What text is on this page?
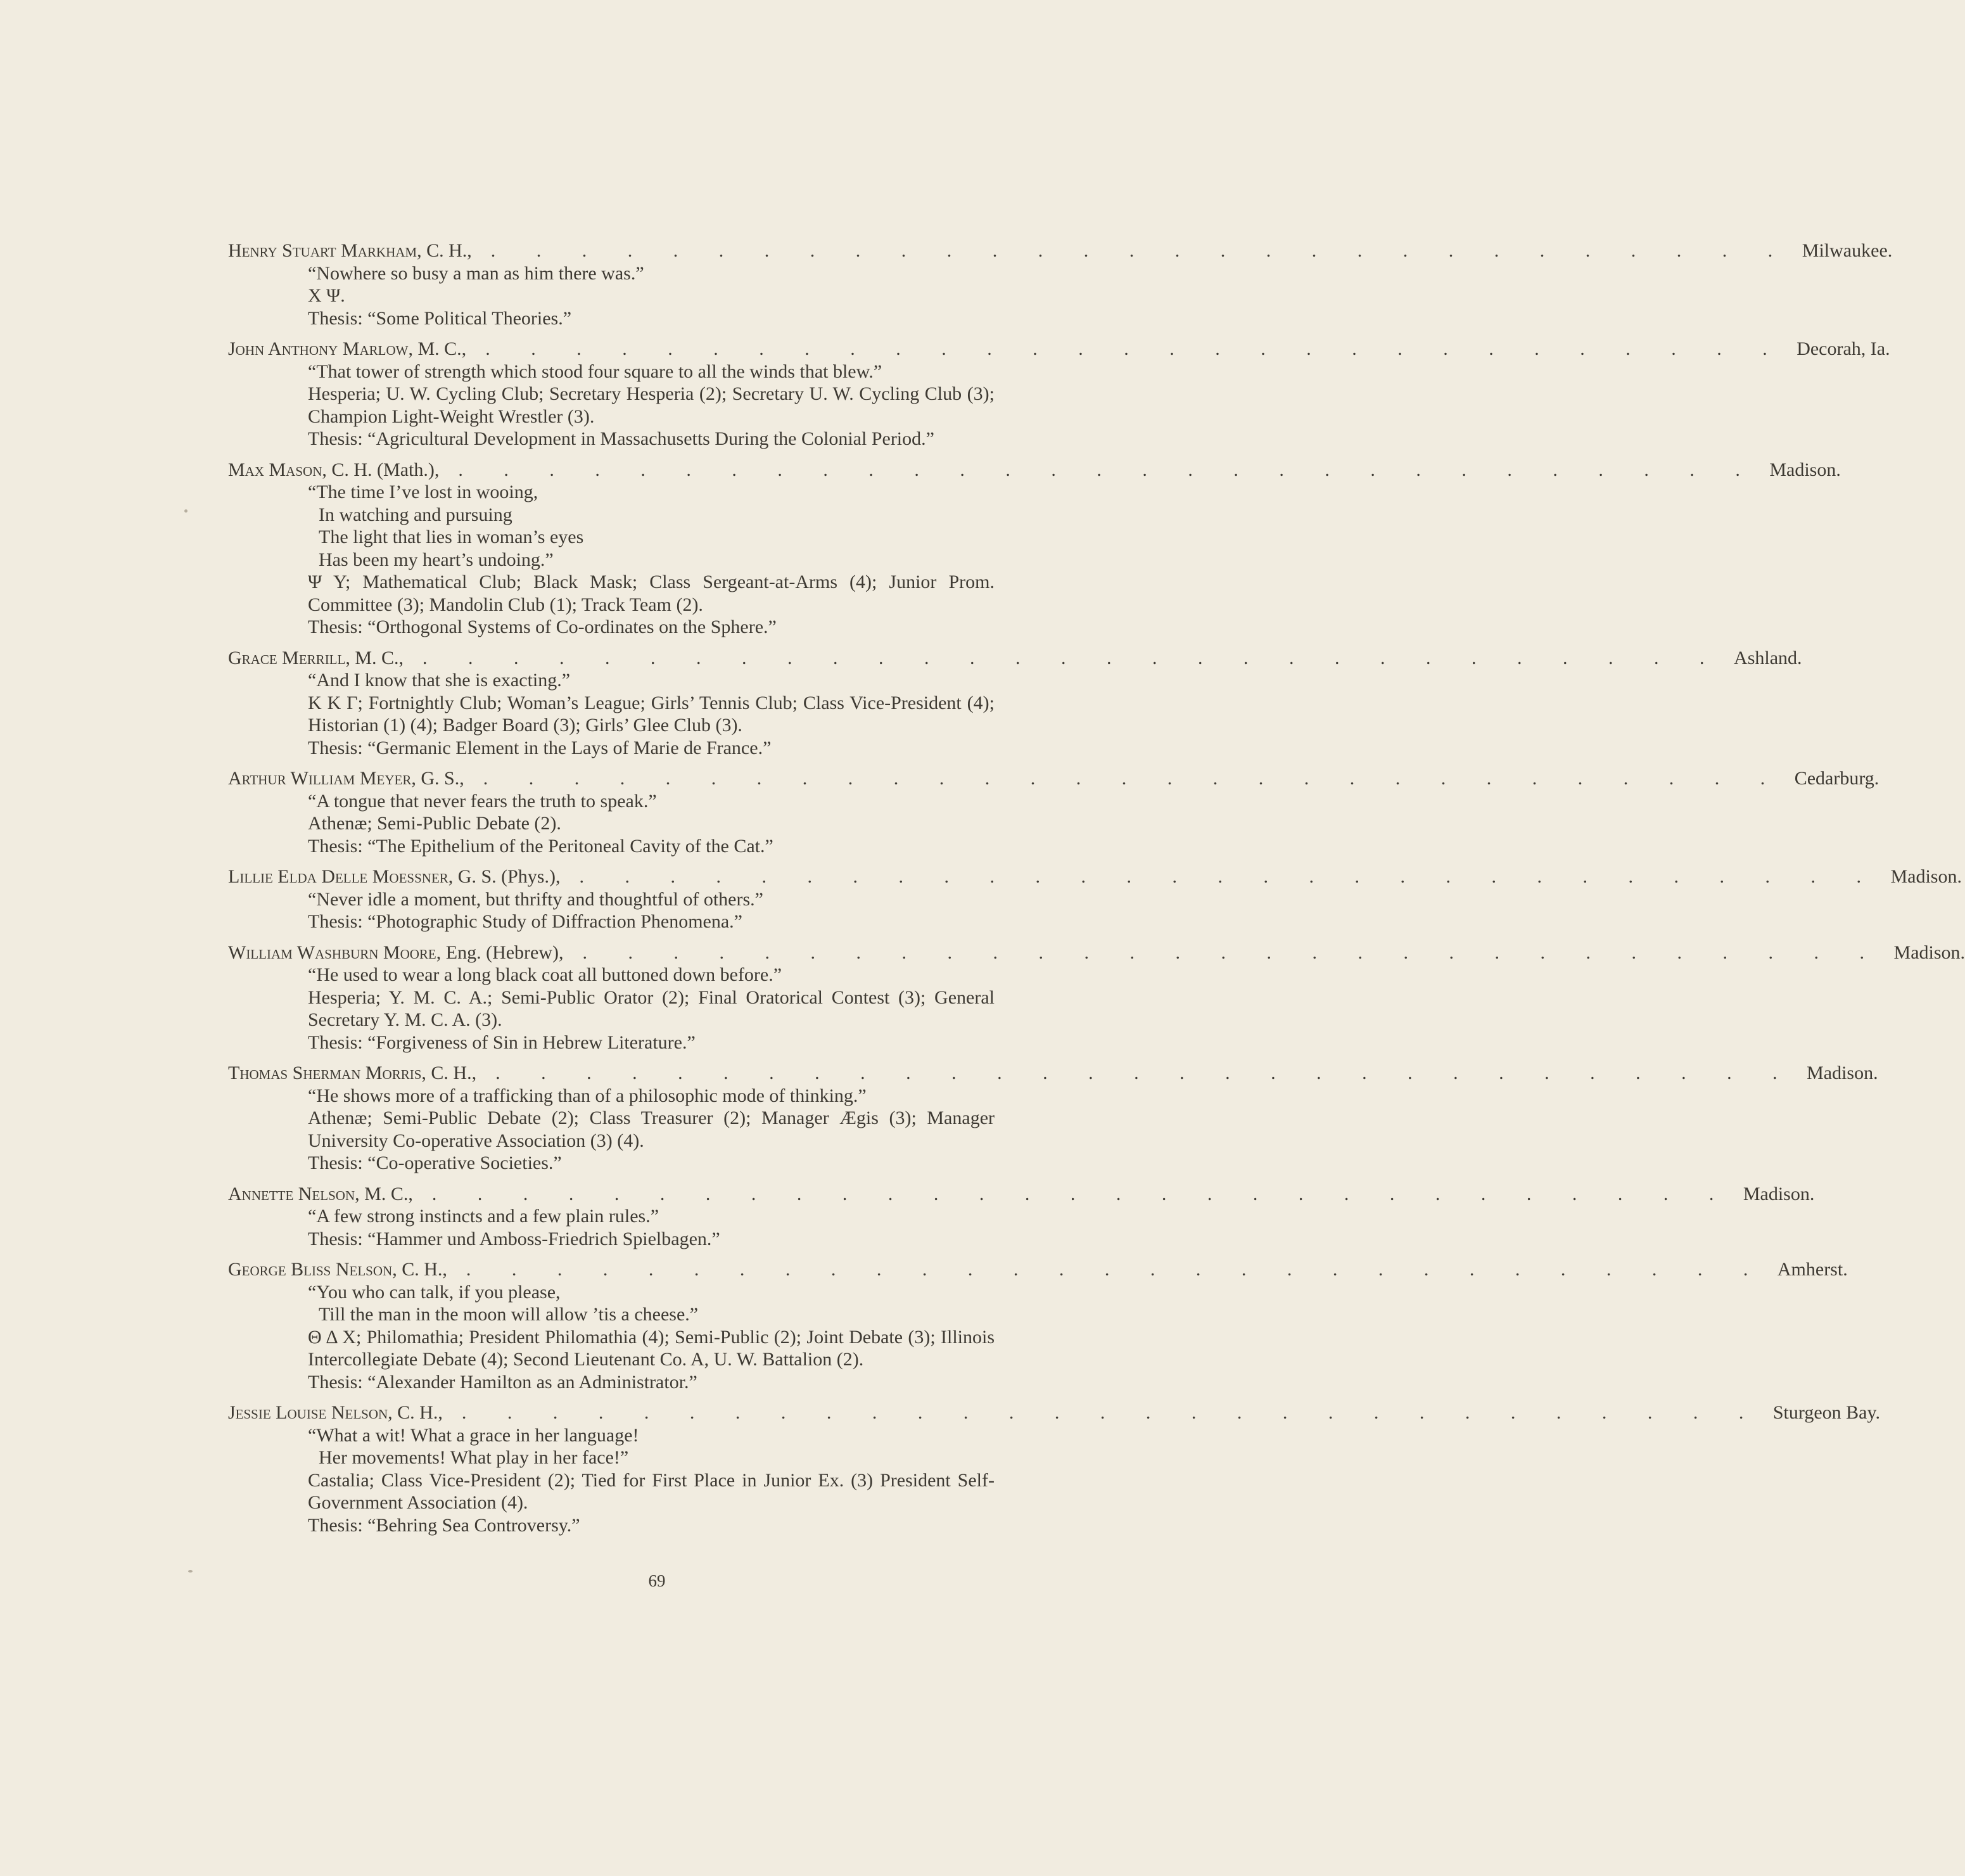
Henry Stuart Markham , C. H., . . . . . . . . . . . . . . . . . . . . . . . . . . . . . Milwaukee.
“Nowhere so busy a man as him there was.”
X Ψ.
Thesis: “Some Political Theories.”
John Anthony Marlow , M. C., . . . . . . . . . . . . . . . . . . . . . . . . . . . . . Decorah, Ia.
“That tower of strength which stood four square to all the winds that blew.”
Hesperia; U. W. Cycling Club; Secretary Hesperia (2); Secretary U. W. Cycling Club (3); Champion Light-Weight Wrestler (3).
Thesis: “Agricultural Development in Massachusetts During the Colonial Period.”
Max Mason , C. H. (Math.), . . . . . . . . . . . . . . . . . . . . . . . . . . . . . Madison.
“The time I’ve lost in wooing,
In watching and pursuing
The light that lies in woman’s eyes
Has been my heart’s undoing.”
Ψ Υ; Mathematical Club; Black Mask; Class Sergeant-at-Arms (4); Junior Prom. Committee (3); Mandolin Club (1); Track Team (2).
Thesis: “Orthogonal Systems of Co-ordinates on the Sphere.”
Grace Merrill , M. C., . . . . . . . . . . . . . . . . . . . . . . . . . . . . . Ashland.
“And I know that she is exacting.”
K K Γ; Fortnightly Club; Woman’s League; Girls’ Tennis Club; Class Vice-President (4); Historian (1) (4); Badger Board (3); Girls’ Glee Club (3).
Thesis: “Germanic Element in the Lays of Marie de France.”
Arthur William Meyer , G. S., . . . . . . . . . . . . . . . . . . . . . . . . . . . . . Cedarburg.
“A tongue that never fears the truth to speak.”
Athenæ; Semi-Public Debate (2).
Thesis: “The Epithelium of the Peritoneal Cavity of the Cat.”
Lillie Elda Delle Moessner , G. S. (Phys.), . . . . . . . . . . . . . . . . . . . . . . . . . . . . . Madison.
“Never idle a moment, but thrifty and thoughtful of others.”
Thesis: “Photographic Study of Diffraction Phenomena.”
William Washburn Moore , Eng. (Hebrew), . . . . . . . . . . . . . . . . . . . . . . . . . . . . . Madison.
“He used to wear a long black coat all buttoned down before.”
Hesperia; Y. M. C. A.; Semi-Public Orator (2); Final Oratorical Contest (3); General Secretary Y. M. C. A. (3).
Thesis: “Forgiveness of Sin in Hebrew Literature.”
Thomas Sherman Morris , C. H., . . . . . . . . . . . . . . . . . . . . . . . . . . . . . Madison.
“He shows more of a trafficking than of a philosophic mode of thinking.”
Athenæ; Semi-Public Debate (2); Class Treasurer (2); Manager Ægis (3); Manager University Co-operative Association (3) (4).
Thesis: “Co-operative Societies.”
Annette Nelson , M. C., . . . . . . . . . . . . . . . . . . . . . . . . . . . . . Madison.
“A few strong instincts and a few plain rules.”
Thesis: “Hammer und Amboss-Friedrich Spielbagen.”
George Bliss Nelson , C. H., . . . . . . . . . . . . . . . . . . . . . . . . . . . . . Amherst.
“You who can talk, if you please,
Till the man in the moon will allow ’tis a cheese.”
Θ Δ X; Philomathia; President Philomathia (4); Semi-Public (2); Joint Debate (3); Illinois Intercollegiate Debate (4); Second Lieutenant Co. A, U. W. Battalion (2).
Thesis: “Alexander Hamilton as an Administrator.”
Jessie Louise Nelson , C. H., . . . . . . . . . . . . . . . . . . . . . . . . . . . . . Sturgeon Bay.
“What a wit! What a grace in her language!
Her movements! What play in her face!”
Castalia; Class Vice-President (2); Tied for First Place in Junior Ex. (3) President Self-Government Association (4).
Thesis: “Behring Sea Controversy.”
69
